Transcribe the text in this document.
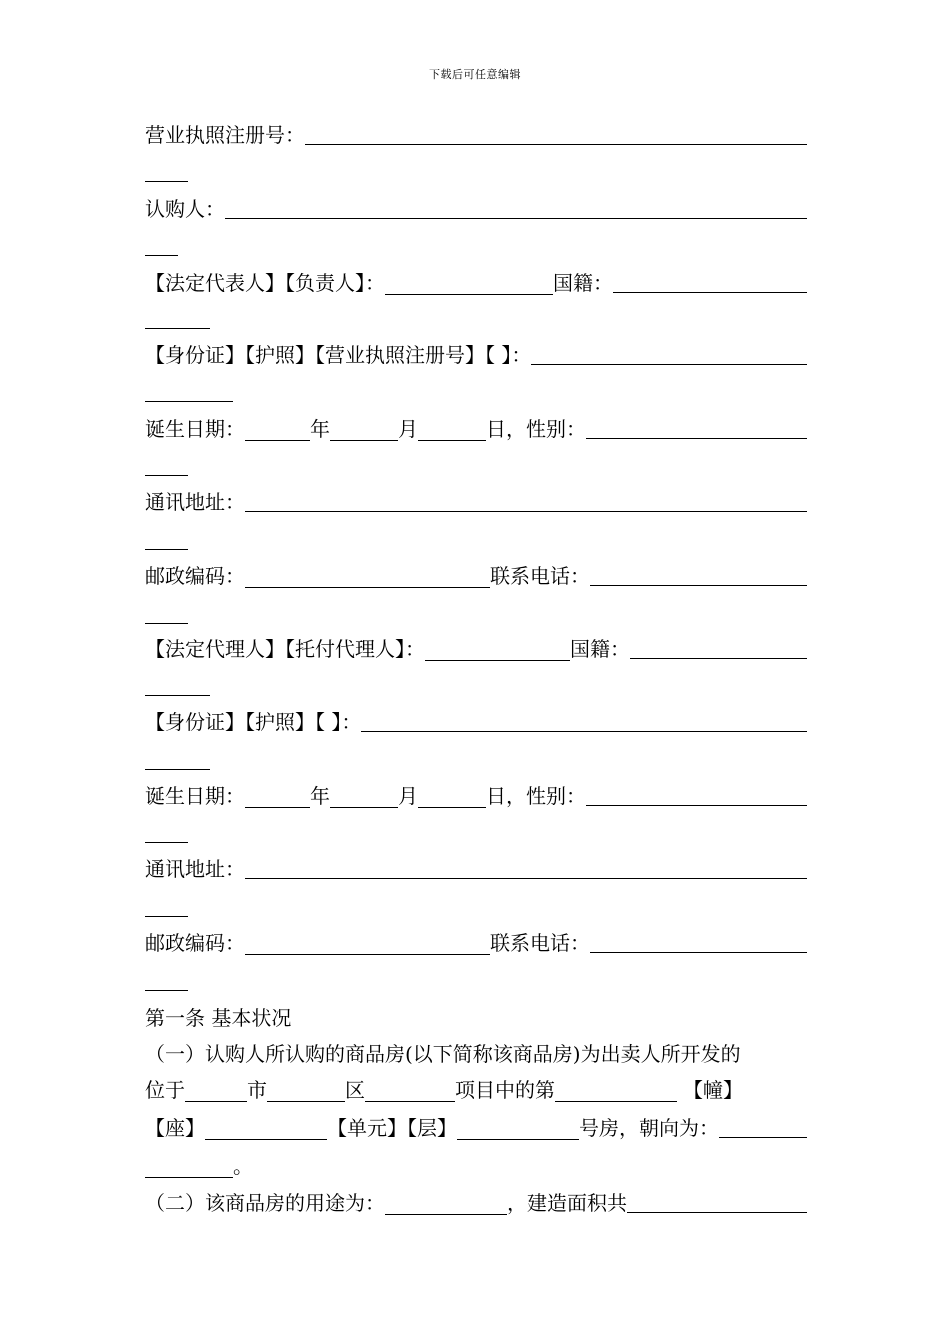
下载后可任意编辑
营业执照注册号：
认购人：
【法定代表人】【负责人】：	国籍：
【身份证】【护照】【营业执照注册号】【 】：
诞生日期：	年	月	日，性别：
通讯地址：
邮政编码：	联系电话：
【法定代理人】【托付代理人】：	国籍：
【身份证】【护照】【 】：
诞生日期：	年	月	日，性别：
通讯地址：
邮政编码：	联系电话：
第一条 基本状况
（一）认购人所认购的商品房(以下简称该商品房)为出卖人所开发的
位于	市	区	项目中的第	【幢】
【座】	【单元】【层】	号房，朝向为：
。
（二）该商品房的用途为：	，建造面积共
